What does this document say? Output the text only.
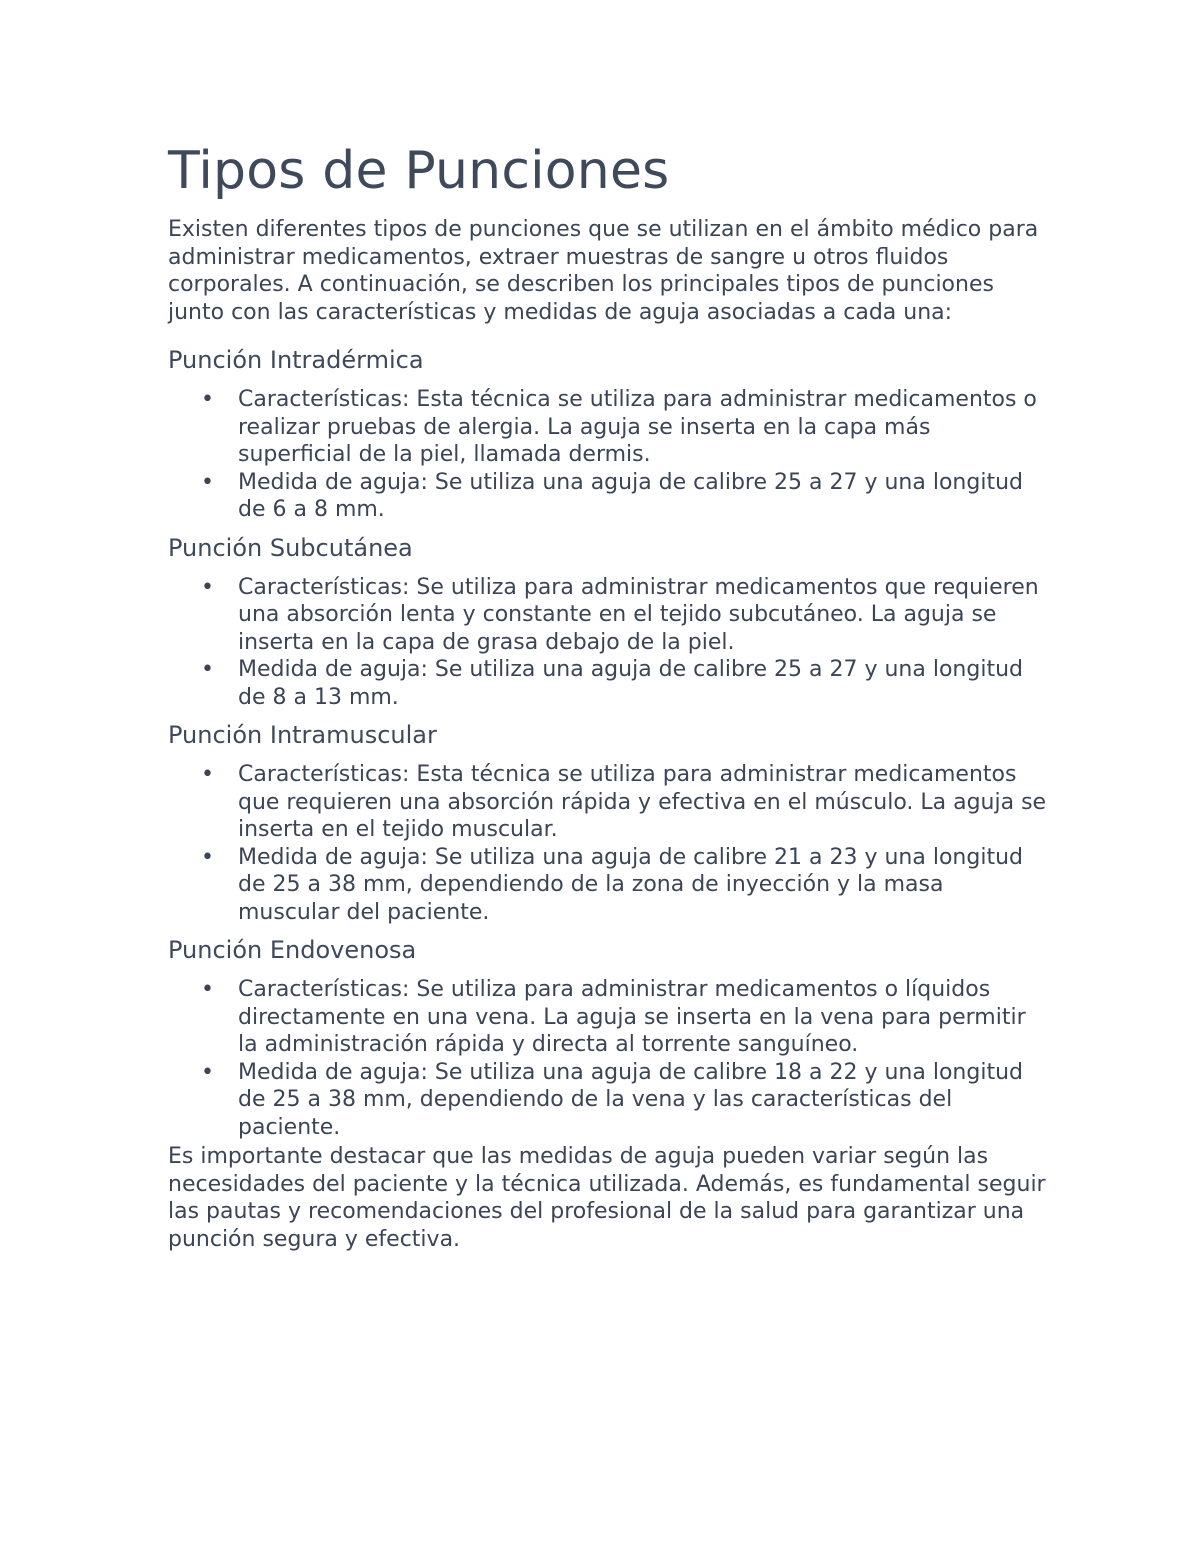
Tipos de Punciones

Existen diferentes tipos de punciones que se utilizan en el ámbito médico para administrar medicamentos, extraer muestras de sangre u otros fluidos corporales. A continuación, se describen los principales tipos de punciones junto con las características y medidas de aguja asociadas a cada una:

Punción Intradérmica
• Características: Esta técnica se utiliza para administrar medicamentos o realizar pruebas de alergia. La aguja se inserta en la capa más superficial de la piel, llamada dermis.
• Medida de aguja: Se utiliza una aguja de calibre 25 a 27 y una longitud de 6 a 8 mm.
Punción Subcutánea
• Características: Se utiliza para administrar medicamentos que requieren una absorción lenta y constante en el tejido subcutáneo. La aguja se inserta en la capa de grasa debajo de la piel.
• Medida de aguja: Se utiliza una aguja de calibre 25 a 27 y una longitud de 8 a 13 mm.
Punción Intramuscular
• Características: Esta técnica se utiliza para administrar medicamentos que requieren una absorción rápida y efectiva en el músculo. La aguja se inserta en el tejido muscular.
• Medida de aguja: Se utiliza una aguja de calibre 21 a 23 y una longitud de 25 a 38 mm, dependiendo de la zona de inyección y la masa muscular del paciente.
Punción Endovenosa
• Características: Se utiliza para administrar medicamentos o líquidos directamente en una vena. La aguja se inserta en la vena para permitir la administración rápida y directa al torrente sanguíneo.
• Medida de aguja: Se utiliza una aguja de calibre 18 a 22 y una longitud de 25 a 38 mm, dependiendo de la vena y las características del paciente.

Es importante destacar que las medidas de aguja pueden variar según las necesidades del paciente y la técnica utilizada. Además, es fundamental seguir las pautas y recomendaciones del profesional de la salud para garantizar una punción segura y efectiva.
